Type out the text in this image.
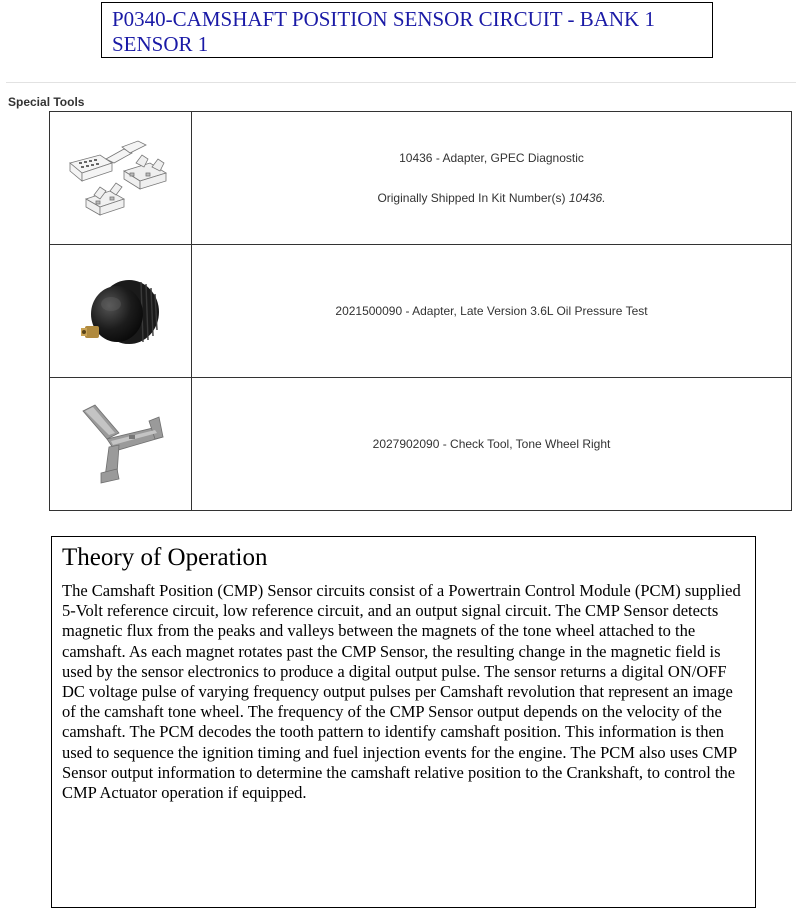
P0340-CAMSHAFT POSITION SENSOR CIRCUIT - BANK 1 SENSOR 1
Special Tools

10436 - Adapter, GPEC Diagnostic

Originally Shipped In Kit Number(s) 10436.

2021500090 - Adapter, Late Version 3.6L Oil Pressure Test

2027902090 - Check Tool, Tone Wheel Right

Theory of Operation

The Camshaft Position (CMP) Sensor circuits consist of a Powertrain Control Module (PCM) supplied 5-Volt reference circuit, low reference circuit, and an output signal circuit. The CMP Sensor detects magnetic flux from the peaks and valleys between the magnets of the tone wheel attached to the camshaft. As each magnet rotates past the CMP Sensor, the resulting change in the magnetic field is used by the sensor electronics to produce a digital output pulse. The sensor returns a digital ON/OFF DC voltage pulse of varying frequency output pulses per Camshaft revolution that represent an image of the camshaft tone wheel. The frequency of the CMP Sensor output depends on the velocity of the camshaft. The PCM decodes the tooth pattern to identify camshaft position. This information is then used to sequence the ignition timing and fuel injection events for the engine. The PCM also uses CMP Sensor output information to determine the camshaft relative position to the Crankshaft, to control the CMP Actuator operation if equipped.
